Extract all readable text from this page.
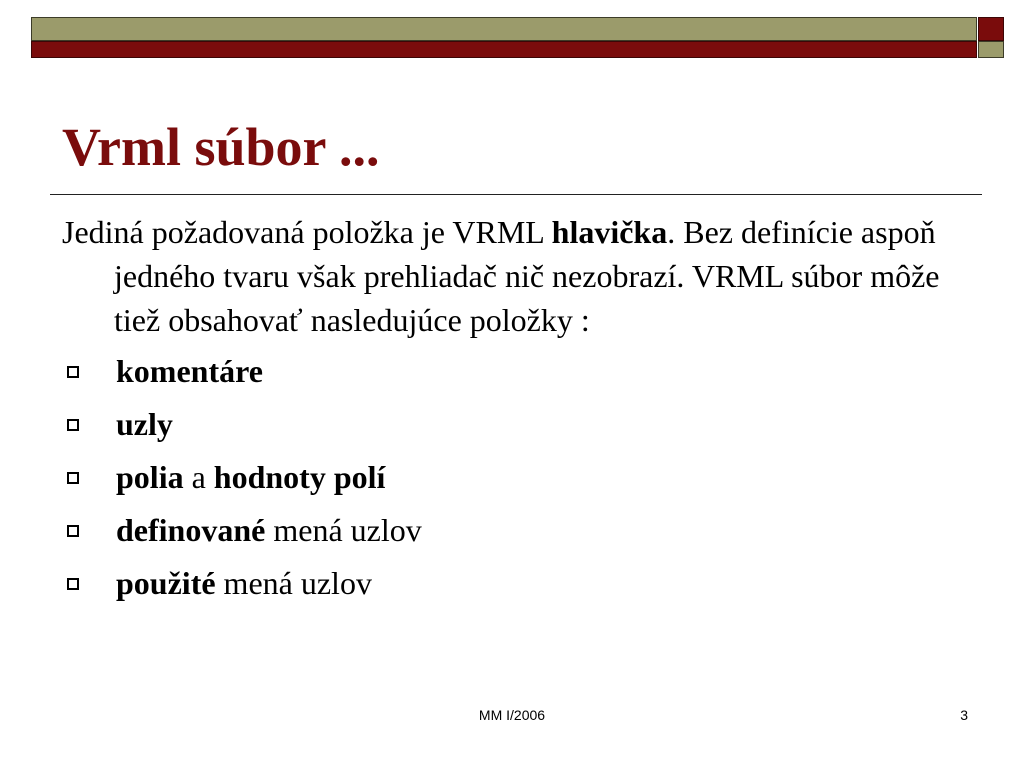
Vrml súbor ...

Jediná požadovaná položka je VRML hlavička. Bez definície aspoň jedného tvaru však prehliadač nič nezobrazí. VRML súbor môže tiež obsahovať nasledujúce položky :

komentáre
uzly
polia a hodnoty polí
definované mená uzlov
použité mená uzlov
MM I/2006	3
